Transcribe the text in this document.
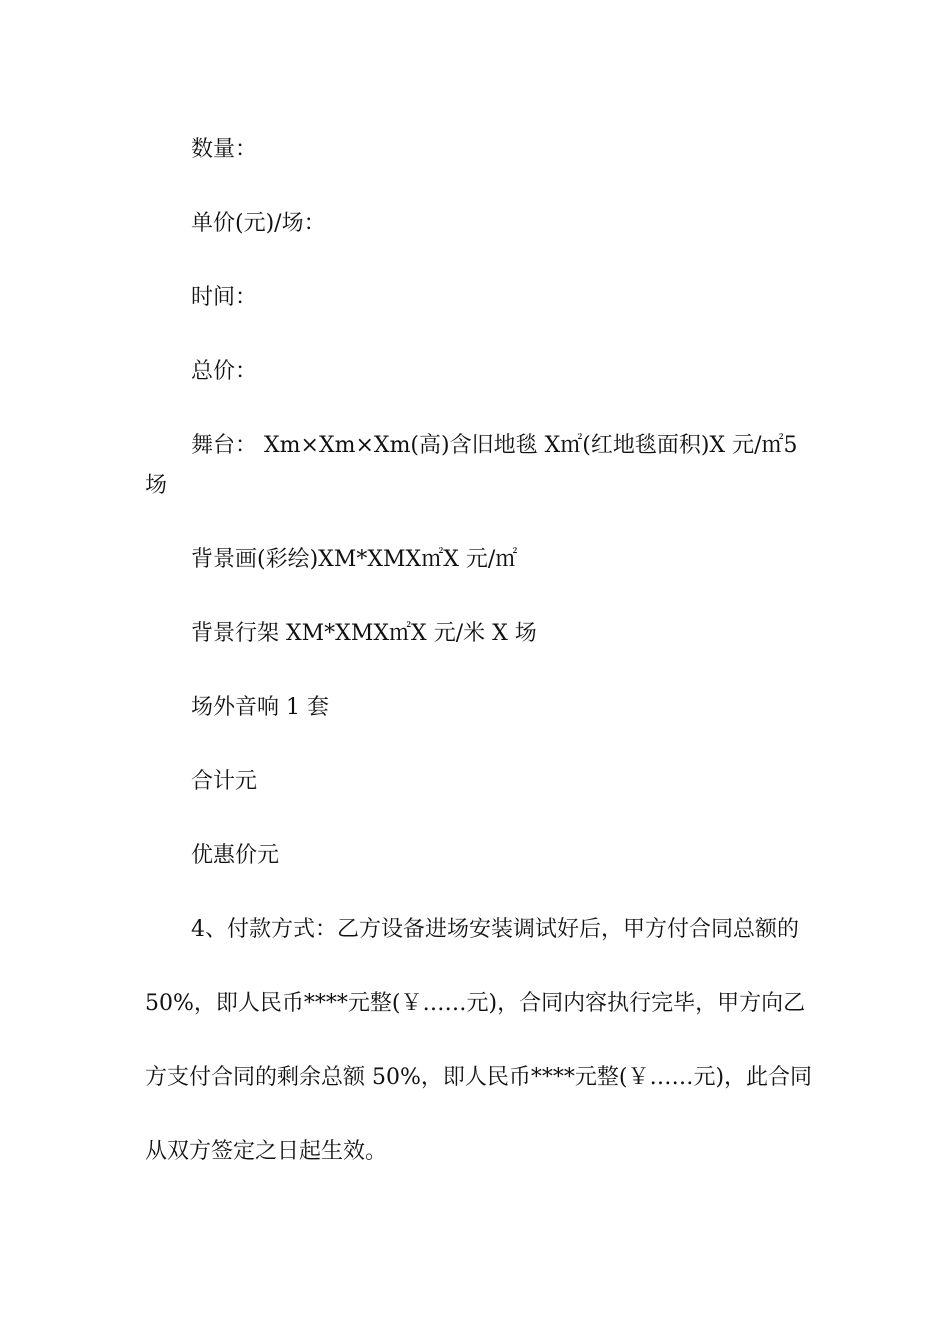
数量：

单价(元)/场：

时间：

总价：

舞台： Xm×Xm×Xm(高)含旧地毯 X㎡(红地毯面积)X 元/㎡5 场

背景画(彩绘)XM*XMX㎡X 元/㎡

背景行架 XM*XMX㎡X 元/米 X 场

场外音响 1 套

合计元

优惠价元

4、付款方式：乙方设备进场安装调试好后，甲方付合同总额的 50%，即人民币****元整(￥……元)，合同内容执行完毕，甲方向乙方支付合同的剩余总额 50%，即人民币****元整(￥……元)，此合同从双方签定之日起生效。
